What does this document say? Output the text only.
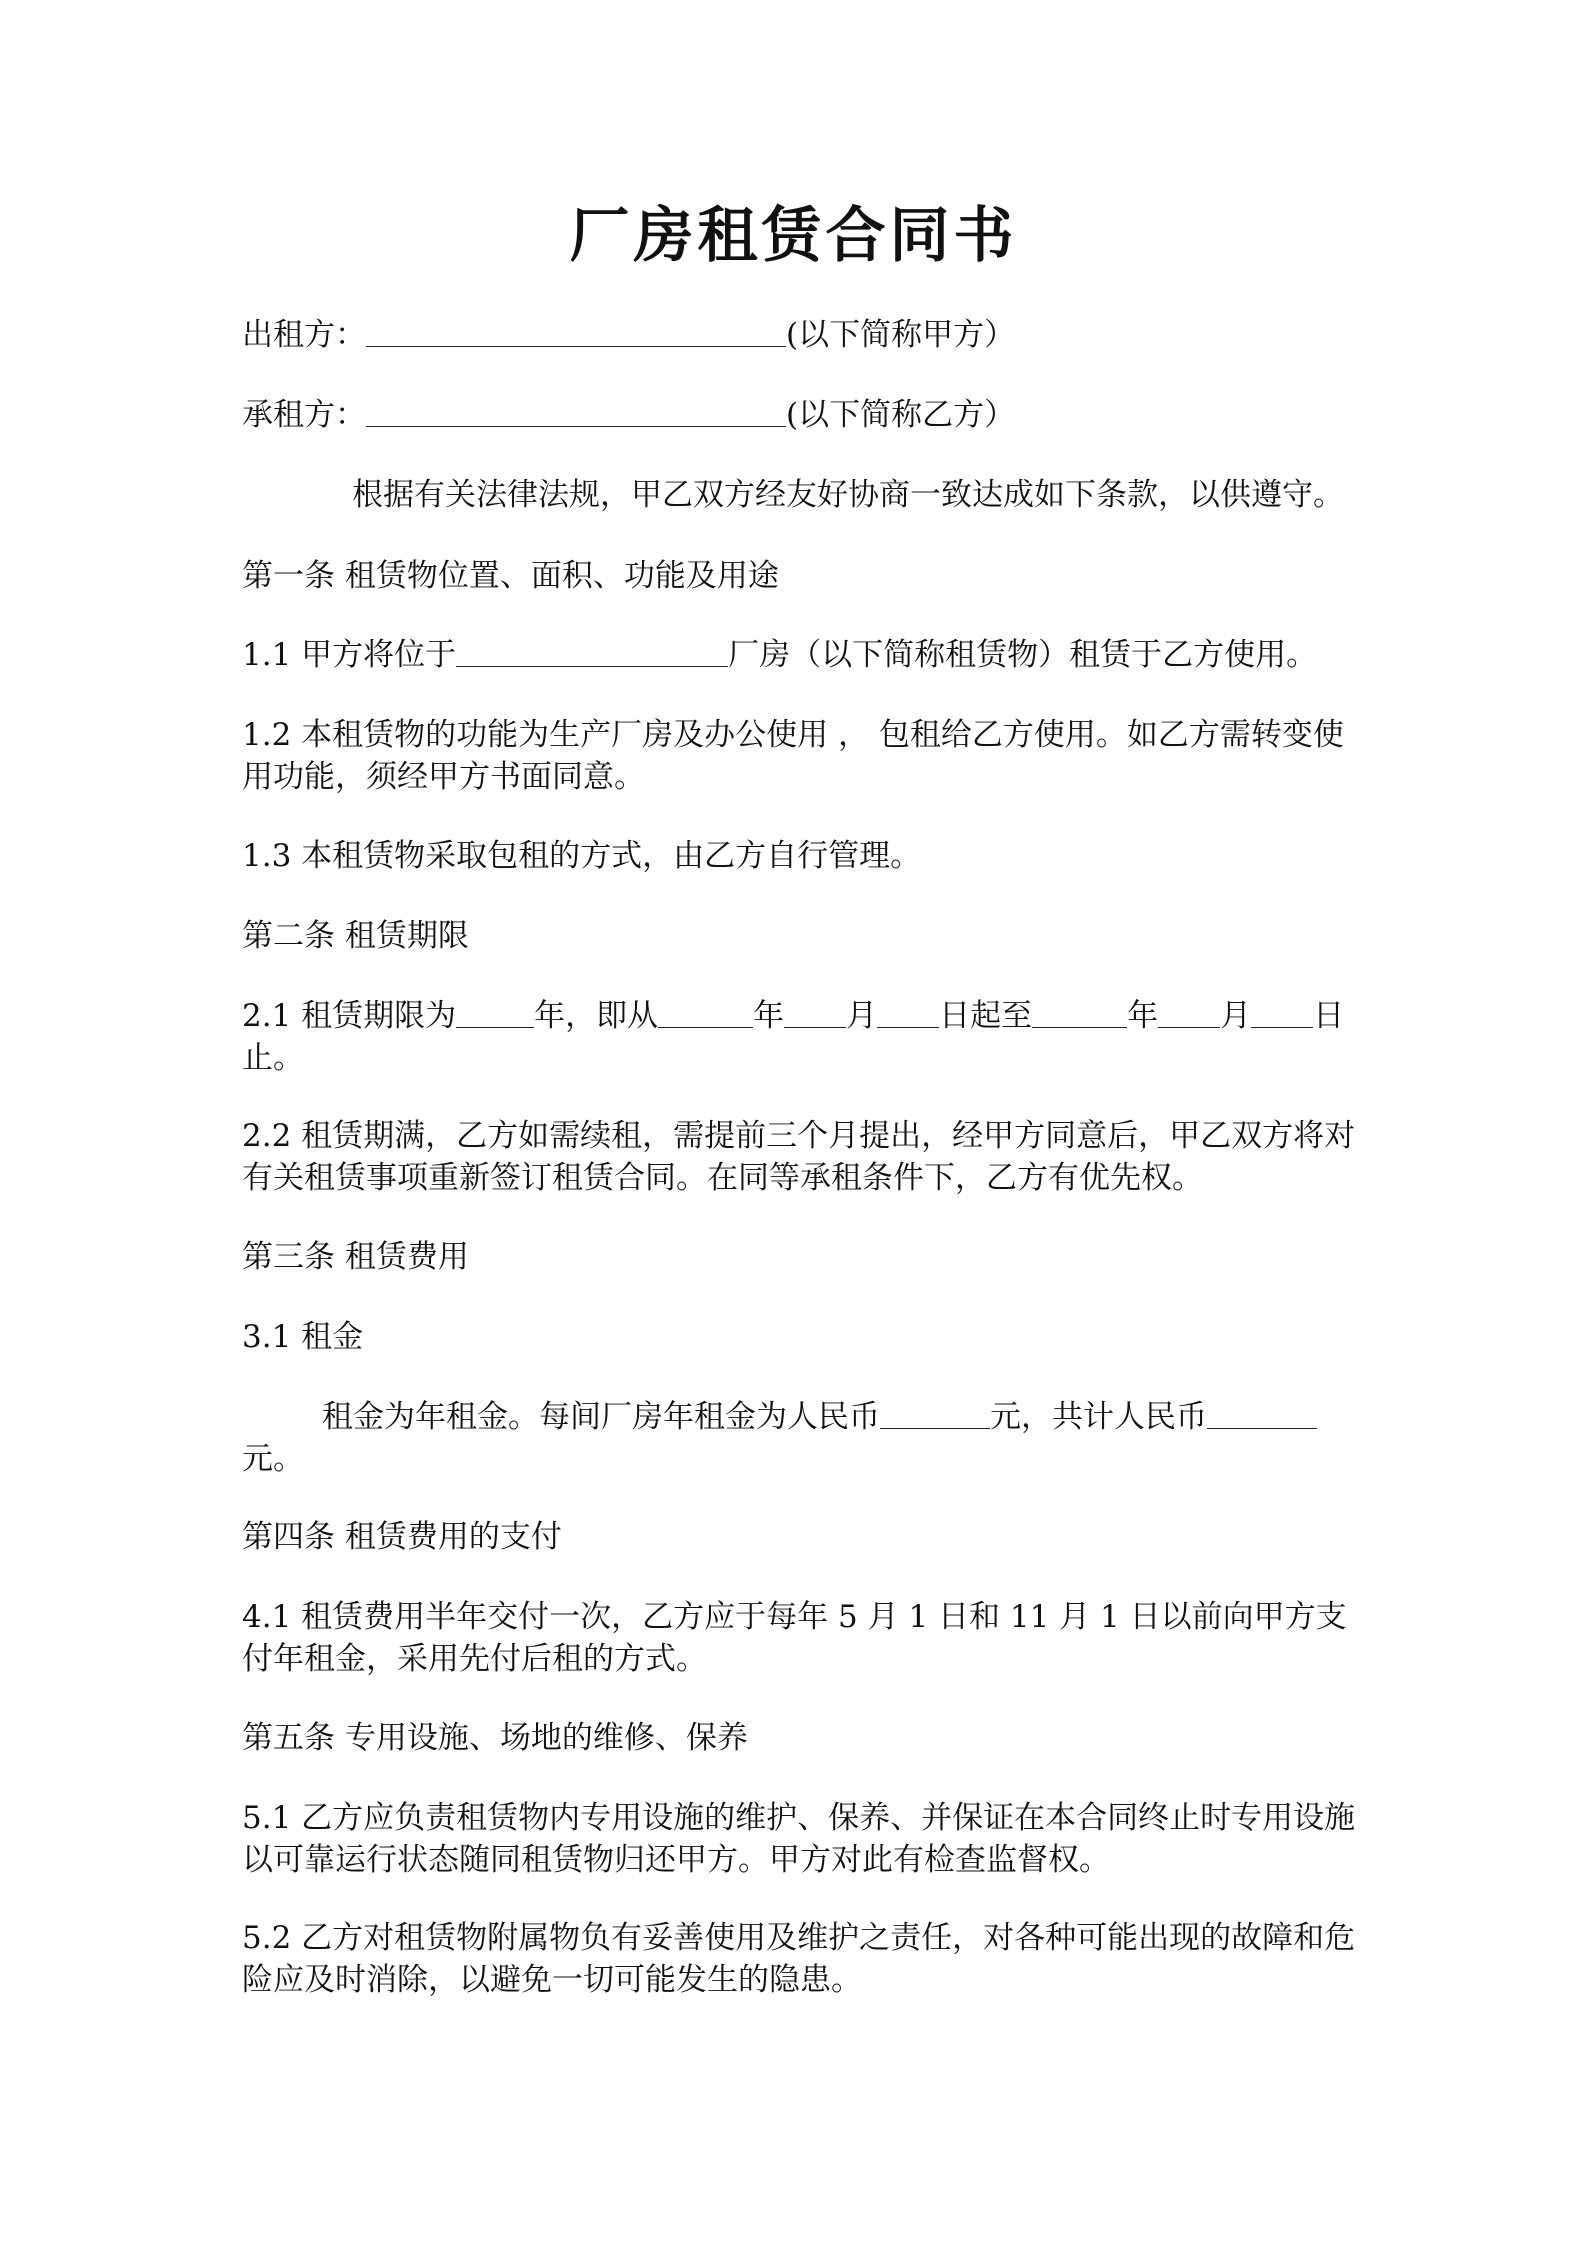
厂房租赁合同书

出租方：	(以下简称甲方）

承租方：	(以下简称乙方）

根据有关法律法规，甲乙双方经友好协商一致达成如下条款，以供遵守。

第一条 租赁物位置、面积、功能及用途

1.1 甲方将位于	厂房（以下简称租赁物）租赁于乙方使用。

1.2 本租赁物的功能为生产厂房及办公使用 ， 包租给乙方使用。如乙方需转变使用功能，须经甲方书面同意。

1.3 本租赁物采取包租的方式，由乙方自行管理。

第二条 租赁期限

2.1 租赁期限为	年，即从	年 月 日起至	年 月 日止。

2.2 租赁期满，乙方如需续租，需提前三个月提出，经甲方同意后，甲乙双方将对有关租赁事项重新签订租赁合同。在同等承租条件下，乙方有优先权。

第三条 租赁费用

3.1 租金

租金为年租金。每间厂房年租金为人民币	元，共计人民币元。

第四条 租赁费用的支付

4.1 租赁费用半年交付一次，乙方应于每年 5 月 1 日和 11 月 1 日以前向甲方支付年租金，采用先付后租的方式。

第五条 专用设施、场地的维修、保养

5.1 乙方应负责租赁物内专用设施的维护、保养、并保证在本合同终止时专用设施以可靠运行状态随同租赁物归还甲方。甲方对此有检查监督权。

5.2 乙方对租赁物附属物负有妥善使用及维护之责任，对各种可能出现的故障和危险应及时消除，以避免一切可能发生的隐患。
